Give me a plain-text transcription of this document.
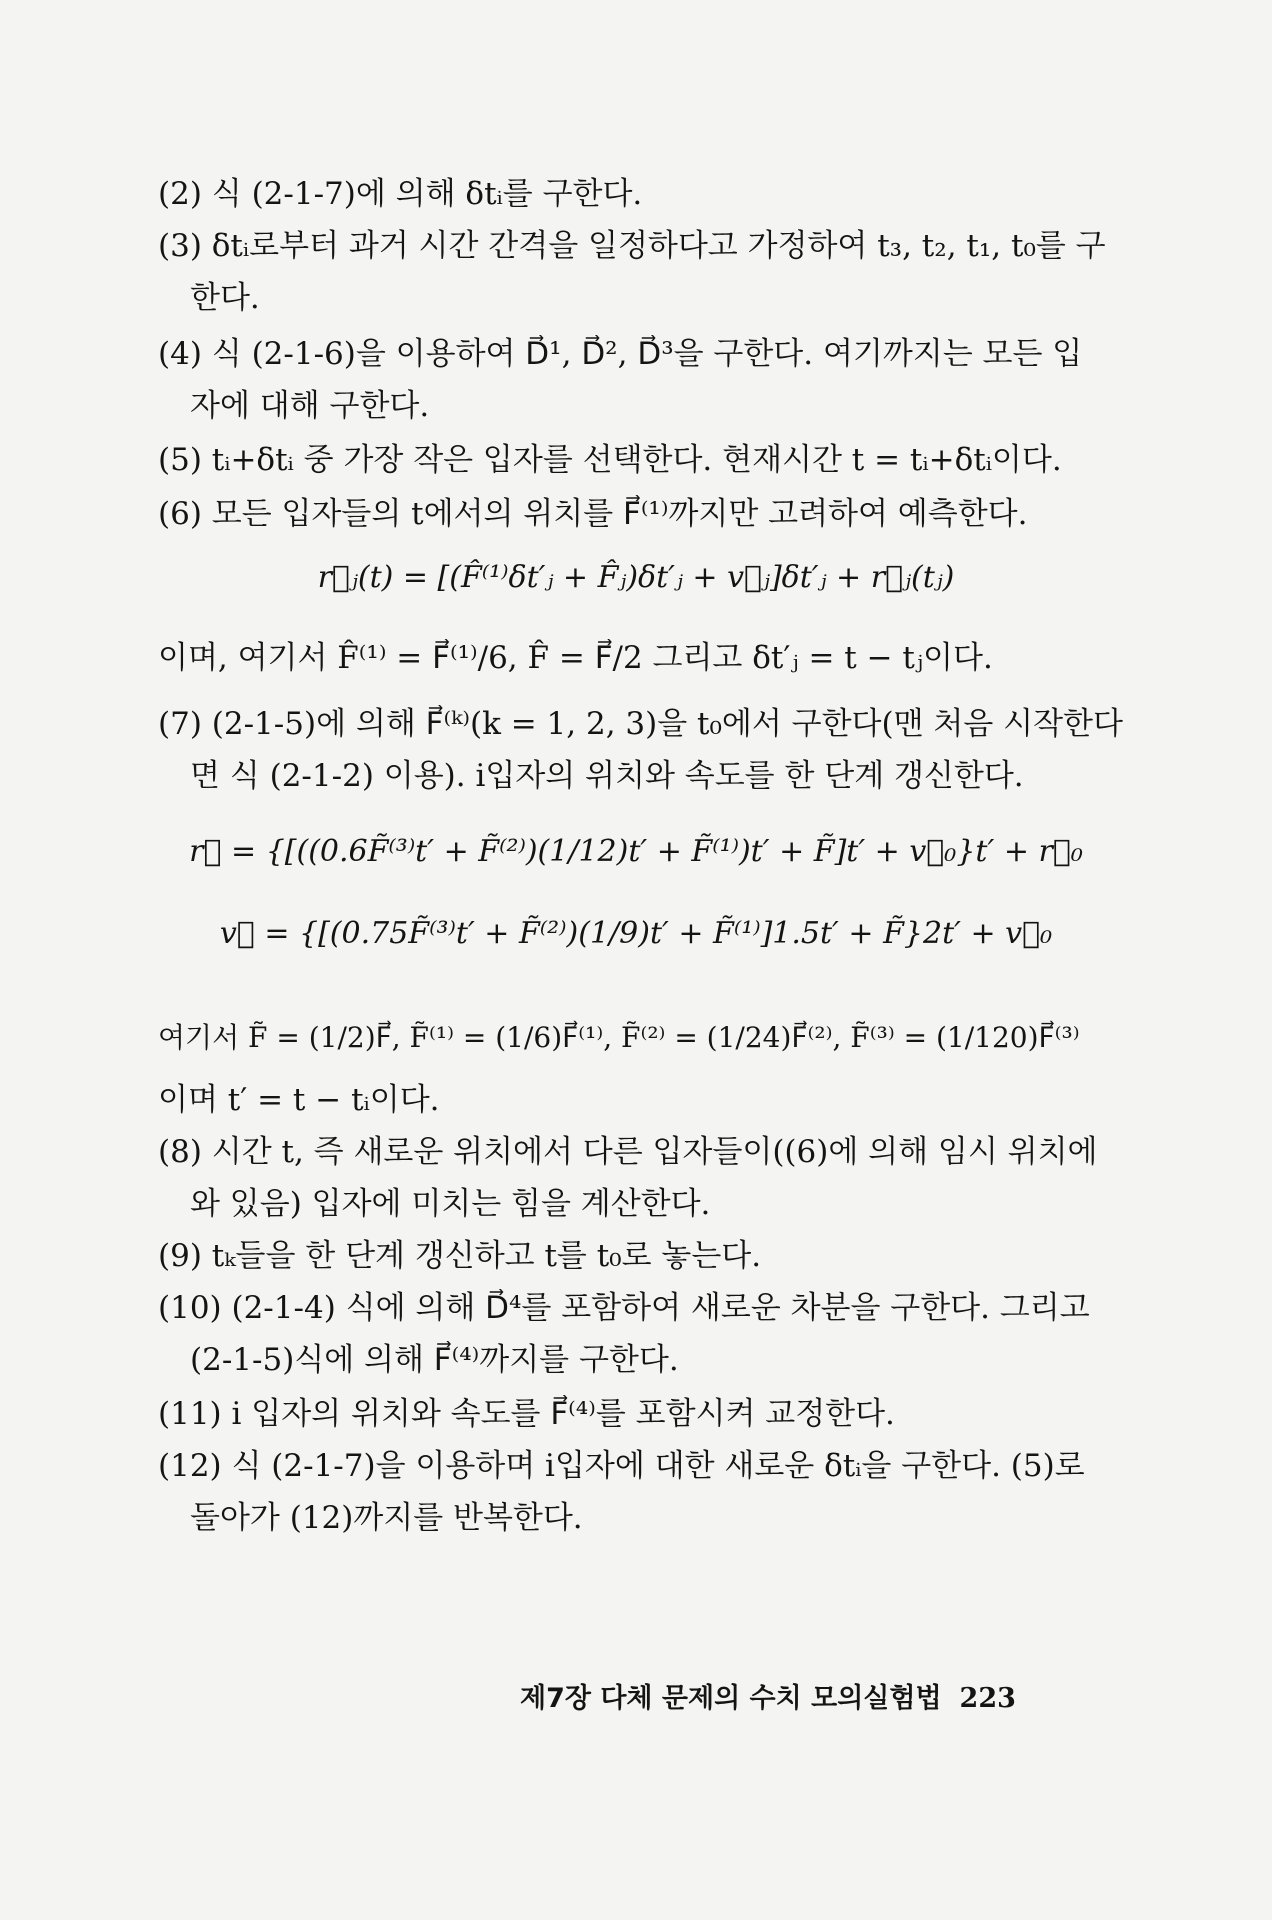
(2) 식 (2-1-7)에 의해 δtᵢ를 구한다.
(3) δtᵢ로부터 과거 시간 간격을 일정하다고 가정하여 t₃, t₂, t₁, t₀를 구
한다.
(4) 식 (2-1-6)을 이용하여 D⃗¹, D⃗², D⃗³을 구한다. 여기까지는 모든 입
자에 대해 구한다.
(5) tᵢ+δtᵢ 중 가장 작은 입자를 선택한다. 현재시간 t = tᵢ+δtᵢ이다.
(6) 모든 입자들의 t에서의 위치를 F⃗⁽¹⁾까지만 고려하여 예측한다.
r⃗ⱼ(t) = [(F̂⁽¹⁾δt′ⱼ + F̂ⱼ)δt′ⱼ + v⃗ⱼ]δt′ⱼ + r⃗ⱼ(tⱼ)
이며, 여기서 F̂⁽¹⁾ = F⃗⁽¹⁾/6, F̂ = F⃗/2 그리고 δt′ⱼ = t − tⱼ이다.
(7) (2-1-5)에 의해 F⃗⁽ᵏ⁾(k = 1, 2, 3)을 t₀에서 구한다(맨 처음 시작한다
면 식 (2-1-2) 이용). i입자의 위치와 속도를 한 단계 갱신한다.
r⃗ = {[((0.6F̃⁽³⁾t′ + F̃⁽²⁾)(1/12)t′ + F̃⁽¹⁾)t′ + F̃]t′ + v⃗₀}t′ + r⃗₀
v⃗ = {[(0.75F̃⁽³⁾t′ + F̃⁽²⁾)(1/9)t′ + F̃⁽¹⁾]1.5t′ + F̃}2t′ + v⃗₀
여기서 F̃ = (1/2)F⃗, F̃⁽¹⁾ = (1/6)F⃗⁽¹⁾, F̃⁽²⁾ = (1/24)F⃗⁽²⁾, F̃⁽³⁾ = (1/120)F⃗⁽³⁾
이며 t′ = t − tᵢ이다.
(8) 시간 t, 즉 새로운 위치에서 다른 입자들이((6)에 의해 임시 위치에
와 있음) 입자에 미치는 힘을 계산한다.
(9) tₖ들을 한 단계 갱신하고 t를 t₀로 놓는다.
(10) (2-1-4) 식에 의해 D⃗⁴를 포함하여 새로운 차분을 구한다. 그리고
(2-1-5)식에 의해 F⃗⁽⁴⁾까지를 구한다.
(11) i 입자의 위치와 속도를 F⃗⁽⁴⁾를 포함시켜 교정한다.
(12) 식 (2-1-7)을 이용하며 i입자에 대한 새로운 δtᵢ을 구한다. (5)로
돌아가 (12)까지를 반복한다.
제7장 다체 문제의 수치 모의실험법 223
